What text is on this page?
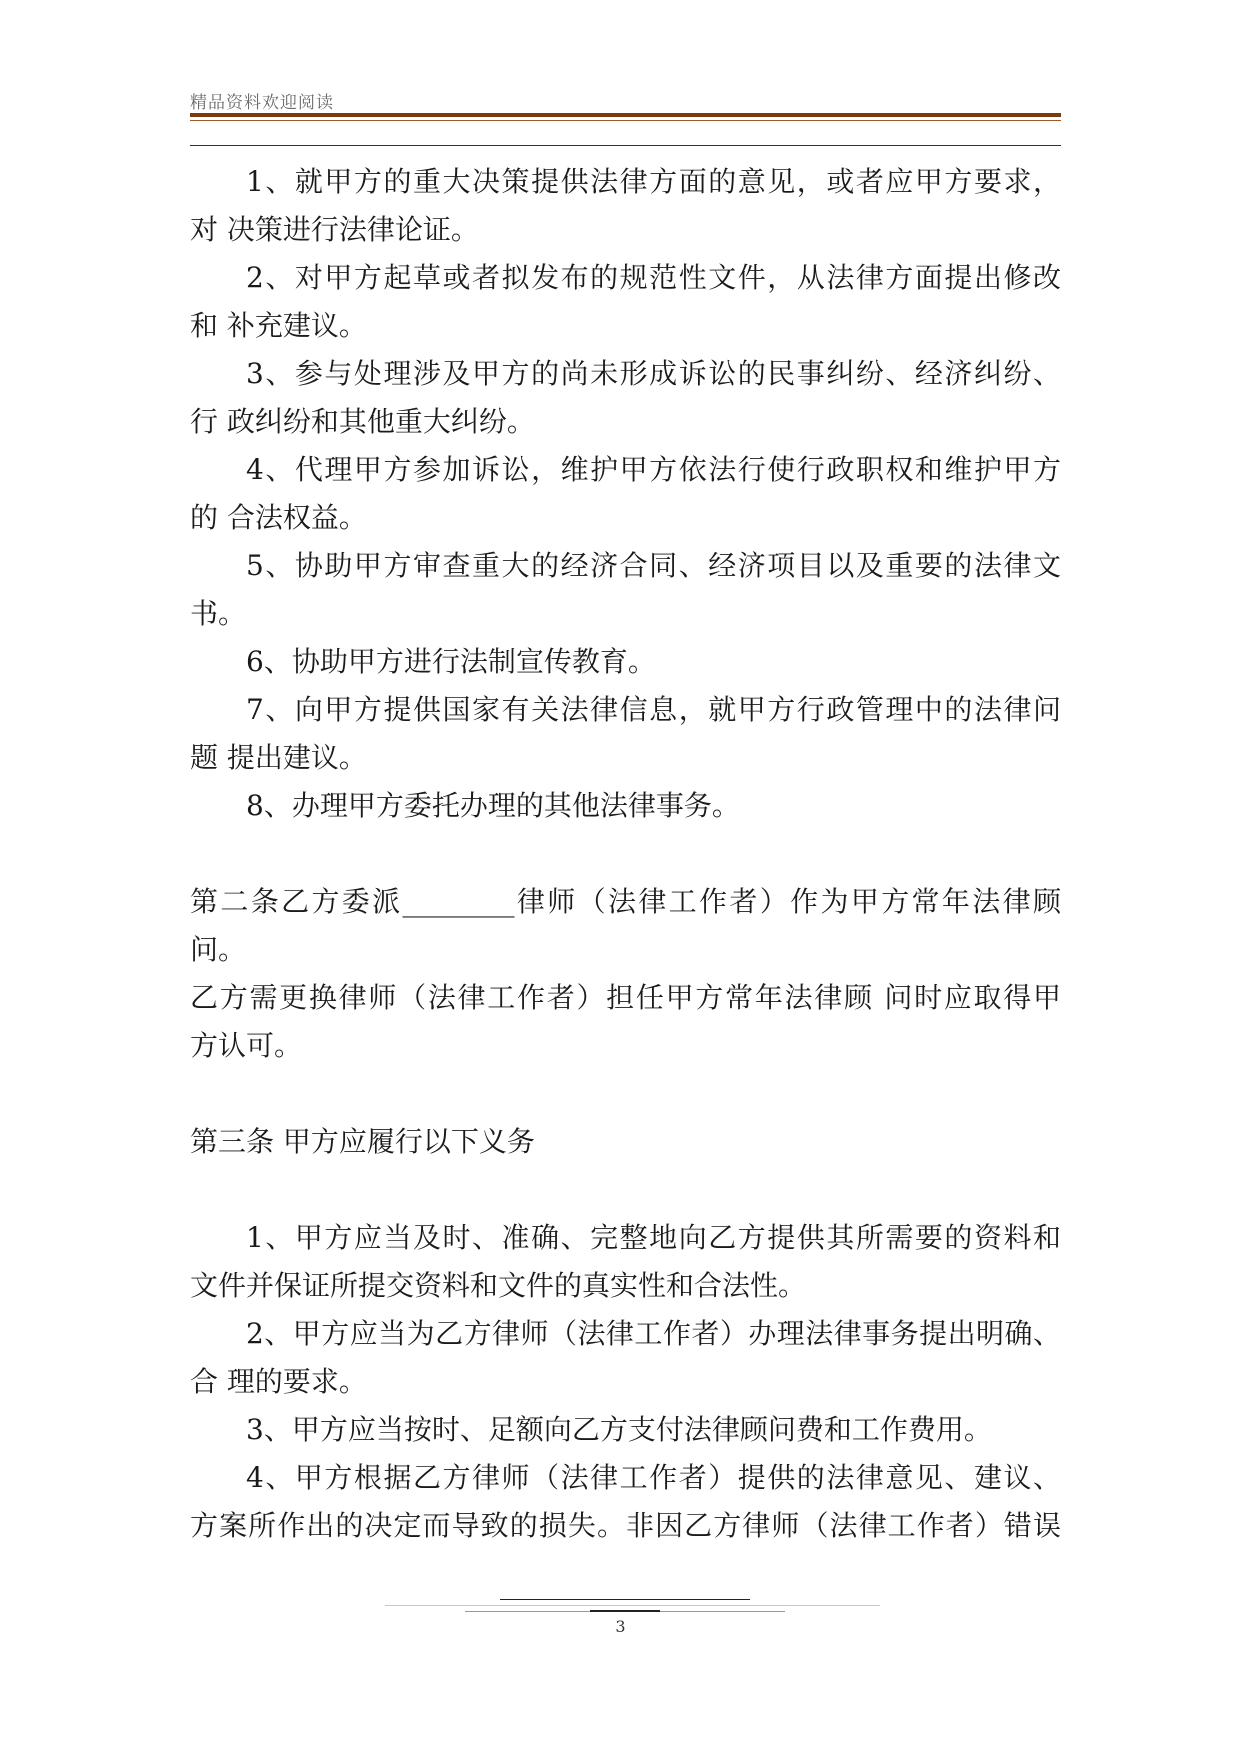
精品资料欢迎阅读
1、就甲方的重大决策提供法律方面的意见，或者应甲方要求，
对 决策进行法律论证。
2、对甲方起草或者拟发布的规范性文件，从法律方面提出修改
和 补充建议。
3、参与处理涉及甲方的尚未形成诉讼的民事纠纷、经济纠纷、
行 政纠纷和其他重大纠纷。
4、代理甲方参加诉讼，维护甲方依法行使行政职权和维护甲方
的 合法权益。
5、协助甲方审查重大的经济合同、经济项目以及重要的法律文
书。
6、协助甲方进行法制宣传教育。
7、向甲方提供国家有关法律信息，就甲方行政管理中的法律问
题 提出建议。
8、办理甲方委托办理的其他法律事务。
第二条乙方委派________律师（法律工作者）作为甲方常年法律顾
问。
乙方需更换律师（法律工作者）担任甲方常年法律顾 问时应取得甲
方认可。
第三条 甲方应履行以下义务
1、甲方应当及时、准确、完整地向乙方提供其所需要的资料和
文件并保证所提交资料和文件的真实性和合法性。
2、甲方应当为乙方律师（法律工作者）办理法律事务提出明确、
合 理的要求。
3、甲方应当按时、足额向乙方支付法律顾问费和工作费用。
4、甲方根据乙方律师（法律工作者）提供的法律意见、建议、
方案所作出的决定而导致的损失。非因乙方律师（法律工作者）错误
3
